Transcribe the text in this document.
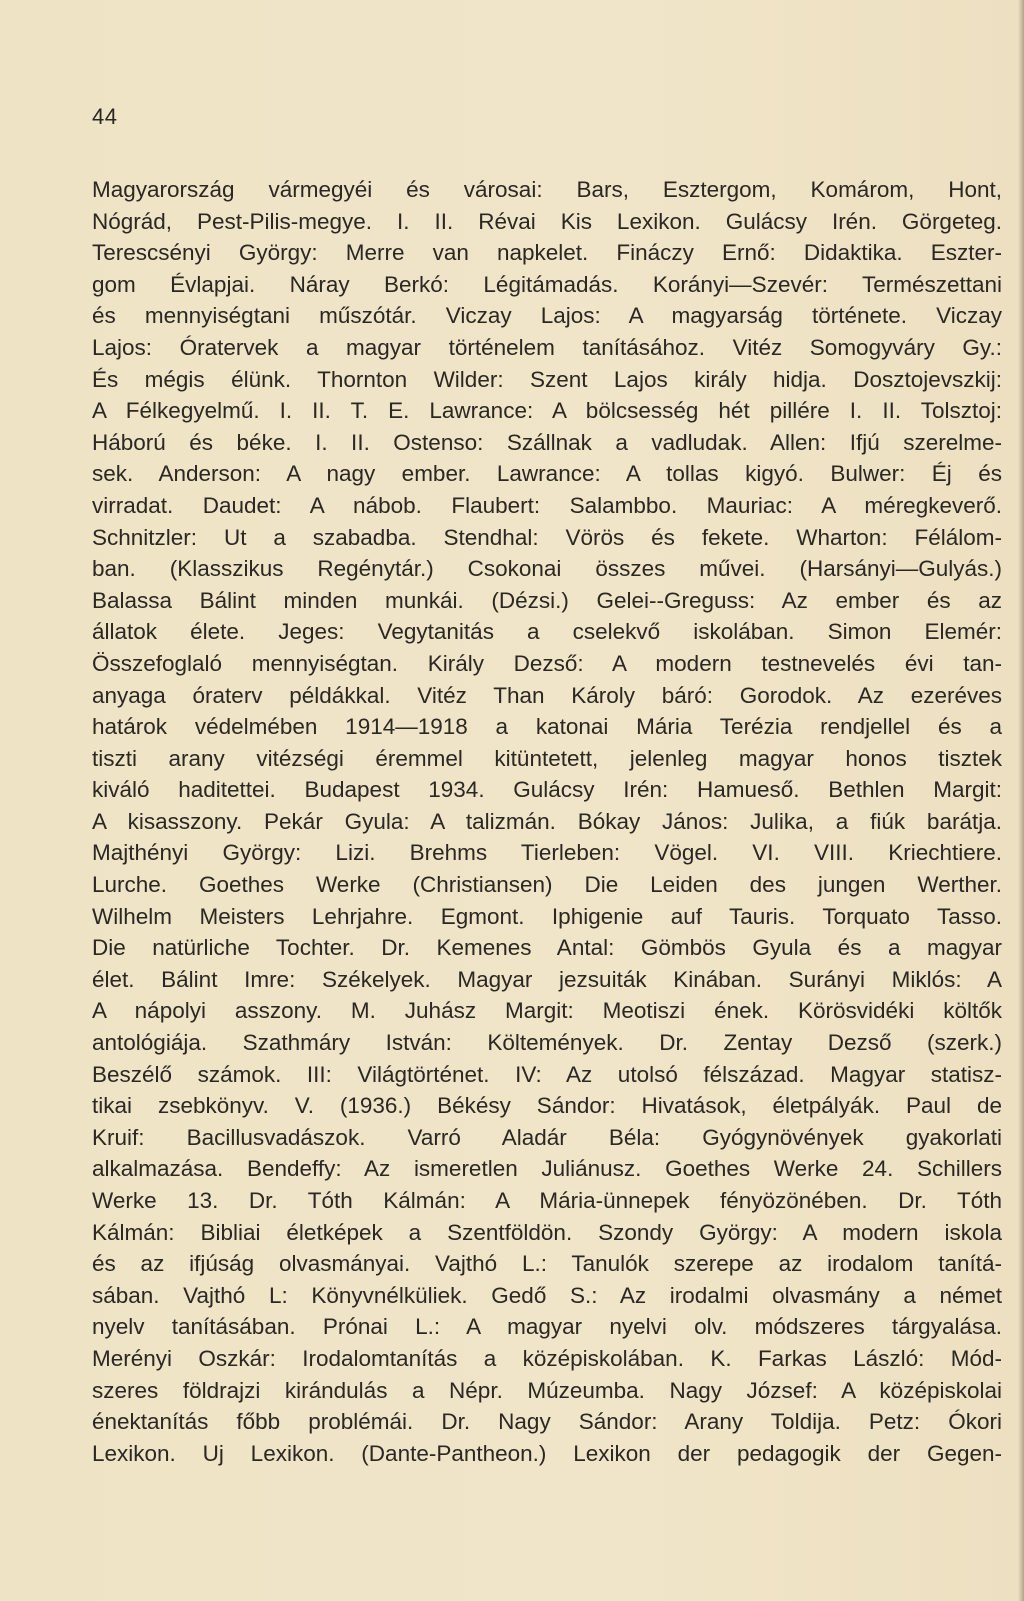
44
Magyarország vármegyéi és városai: Bars, Esztergom, Komárom, Hont,
Nógrád, Pest-Pilis-megye. I. II. Révai Kis Lexikon. Gulácsy Irén. Görgeteg.
Terescsényi György: Merre van napkelet. Fináczy Ernő: Didaktika. Eszter-
gom Évlapjai. Náray Berkó: Légitámadás. Korányi—Szevér: Természettani
és mennyiségtani műszótár. Viczay Lajos: A magyarság története. Viczay
Lajos: Óratervek a magyar történelem tanításához. Vitéz Somogyváry Gy.:
És mégis élünk. Thornton Wilder: Szent Lajos király hidja. Dosztojevszkij:
A Félkegyelmű. I. II. T. E. Lawrance: A bölcsesség hét pillére I. II. Tolsztoj:
Háború és béke. I. II. Ostenso: Szállnak a vadludak. Allen: Ifjú szerelme-
sek. Anderson: A nagy ember. Lawrance: A tollas kigyó. Bulwer: Éj és
virradat. Daudet: A nábob. Flaubert: Salambbo. Mauriac: A méregkeverő.
Schnitzler: Ut a szabadba. Stendhal: Vörös és fekete. Wharton: Félálom-
ban. (Klasszikus Regénytár.) Csokonai összes művei. (Harsányi—Gulyás.)
Balassa Bálint minden munkái. (Dézsi.) Gelei--Greguss: Az ember és az
állatok élete. Jeges: Vegytanitás a cselekvő iskolában. Simon Elemér:
Összefoglaló mennyiségtan. Király Dezső: A modern testnevelés évi tan-
anyaga óraterv példákkal. Vitéz Than Károly báró: Gorodok. Az ezeréves
határok védelmében 1914—1918 a katonai Mária Terézia rendjellel és a
tiszti arany vitézségi éremmel kitüntetett, jelenleg magyar honos tisztek
kiváló haditettei. Budapest 1934. Gulácsy Irén: Hamueső. Bethlen Margit:
A kisasszony. Pekár Gyula: A talizmán. Bókay János: Julika, a fiúk barátja.
Majthényi György: Lizi. Brehms Tierleben: Vögel. VI. VIII. Kriechtiere.
Lurche. Goethes Werke (Christiansen) Die Leiden des jungen Werther.
Wilhelm Meisters Lehrjahre. Egmont. Iphigenie auf Tauris. Torquato Tasso.
Die natürliche Tochter. Dr. Kemenes Antal: Gömbös Gyula és a magyar
élet. Bálint Imre: Székelyek. Magyar jezsuiták Kinában. Surányi Miklós: A
A nápolyi asszony. M. Juhász Margit: Meotiszi ének. Körösvidéki költők
antológiája. Szathmáry István: Költemények. Dr. Zentay Dezső (szerk.)
Beszélő számok. III: Világtörténet. IV: Az utolsó félszázad. Magyar statisz-
tikai zsebkönyv. V. (1936.) Békésy Sándor: Hivatások, életpályák. Paul de
Kruif: Bacillusvadászok. Varró Aladár Béla: Gyógynövények gyakorlati
alkalmazása. Bendeffy: Az ismeretlen Juliánusz. Goethes Werke 24. Schillers
Werke 13. Dr. Tóth Kálmán: A Mária-ünnepek fényözönében. Dr. Tóth
Kálmán: Bibliai életképek a Szentföldön. Szondy György: A modern iskola
és az ifjúság olvasmányai. Vajthó L.: Tanulók szerepe az irodalom tanítá-
sában. Vajthó L: Könyvnélküliek. Gedő S.: Az irodalmi olvasmány a német
nyelv tanításában. Prónai L.: A magyar nyelvi olv. módszeres tárgyalása.
Merényi Oszkár: Irodalomtanítás a középiskolában. K. Farkas László: Mód-
szeres földrajzi kirándulás a Népr. Múzeumba. Nagy József: A középiskolai
énektanítás főbb problémái. Dr. Nagy Sándor: Arany Toldija. Petz: Ókori
Lexikon. Uj Lexikon. (Dante-Pantheon.) Lexikon der pedagogik der Gegen-
